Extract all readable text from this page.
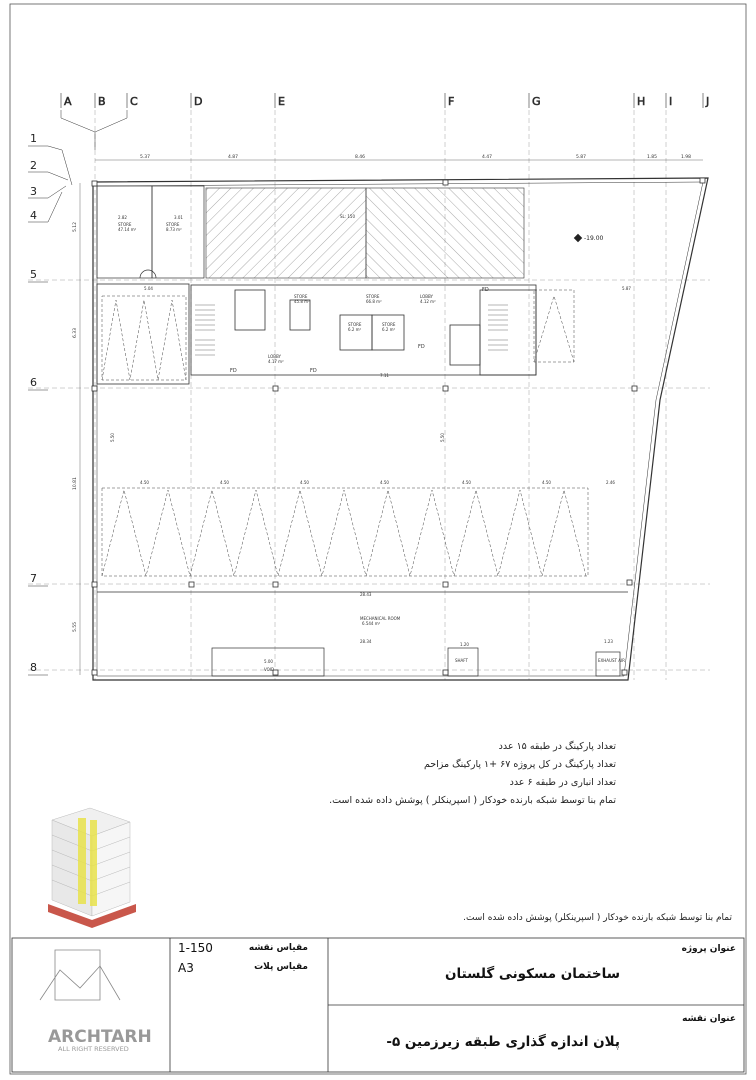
A B C	D	E	F	G	H I	J
1
2
3
4
5
6
7
8
5.37	4.87	8.46	4.47	5.87	1.85	1.98
5.12
6.33
10.81
5.55
STORE
47.14 m²
STORE
8.73 m²
SL: 150
STORE
45.8 m²
STORE
66.8 m²
STORE
6.2 m²
STORE
6.2 m²
LOBBY
4.12 m²
LOBBY
4.17 m²
MECHANICAL ROOM
6.544 m²
VOID
SHAFT	EXHAUST AIR
FD	FD
FD
FD
5.04	5.87
7.11
2.82	3.01
4.50	4.50	4.50	4.50	4.50	4.50	2.46
28.43
28.34
5.00
1.20
1.23
5.50	5.50
-19.00
ARCHTARH
ALL RIGHT RESERVED
تعداد پارکینگ در طبقه ۱۵ عدد
تعداد پارکینگ در کل پروژه ۶۷ +۱ پارکینگ مزاحم
تعداد انباری در طبقه ۶ عدد
تمام بنا توسط شبکه بارنده خودکار ( اسپرینکلر ) پوشش داده شده است.
تمام بنا توسط شبکه بارنده خودکار ( اسپرینکلر) پوشش داده شده است.
مقیاس نقشه
1-150
مقیاس پلات
A3
عنوان پروژه
ساختمان مسکونی گلستان
عنوان نقشه
پلان اندازه گذاری طبقه زیرزمین ۵-
